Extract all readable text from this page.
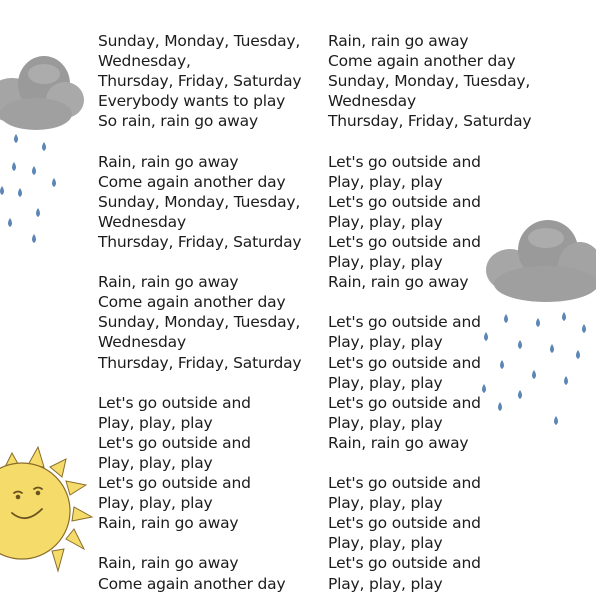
Sunday, Monday, Tuesday,
Wednesday,
Thursday, Friday, Saturday
Everybody wants to play
So rain, rain go away
Rain, rain go away
Come again another day
Sunday, Monday, Tuesday,
Wednesday
Thursday, Friday, Saturday
Rain, rain go away
Come again another day
Sunday, Monday, Tuesday,
Wednesday
Thursday, Friday, Saturday
Let's go outside and
Play, play, play
Let's go outside and
Play, play, play
Let's go outside and
Play, play, play
Rain, rain go away
Rain, rain go away
Come again another day
Rain, rain go away
Come again another day
Sunday, Monday, Tuesday,
Wednesday
Thursday, Friday, Saturday
Let's go outside and
Play, play, play
Let's go outside and
Play, play, play
Let's go outside and
Play, play, play
Rain, rain go away
Let's go outside and
Play, play, play
Let's go outside and
Play, play, play
Let's go outside and
Play, play, play
Rain, rain go away
Let's go outside and
Play, play, play
Let's go outside and
Play, play, play
Let's go outside and
Play, play, play
